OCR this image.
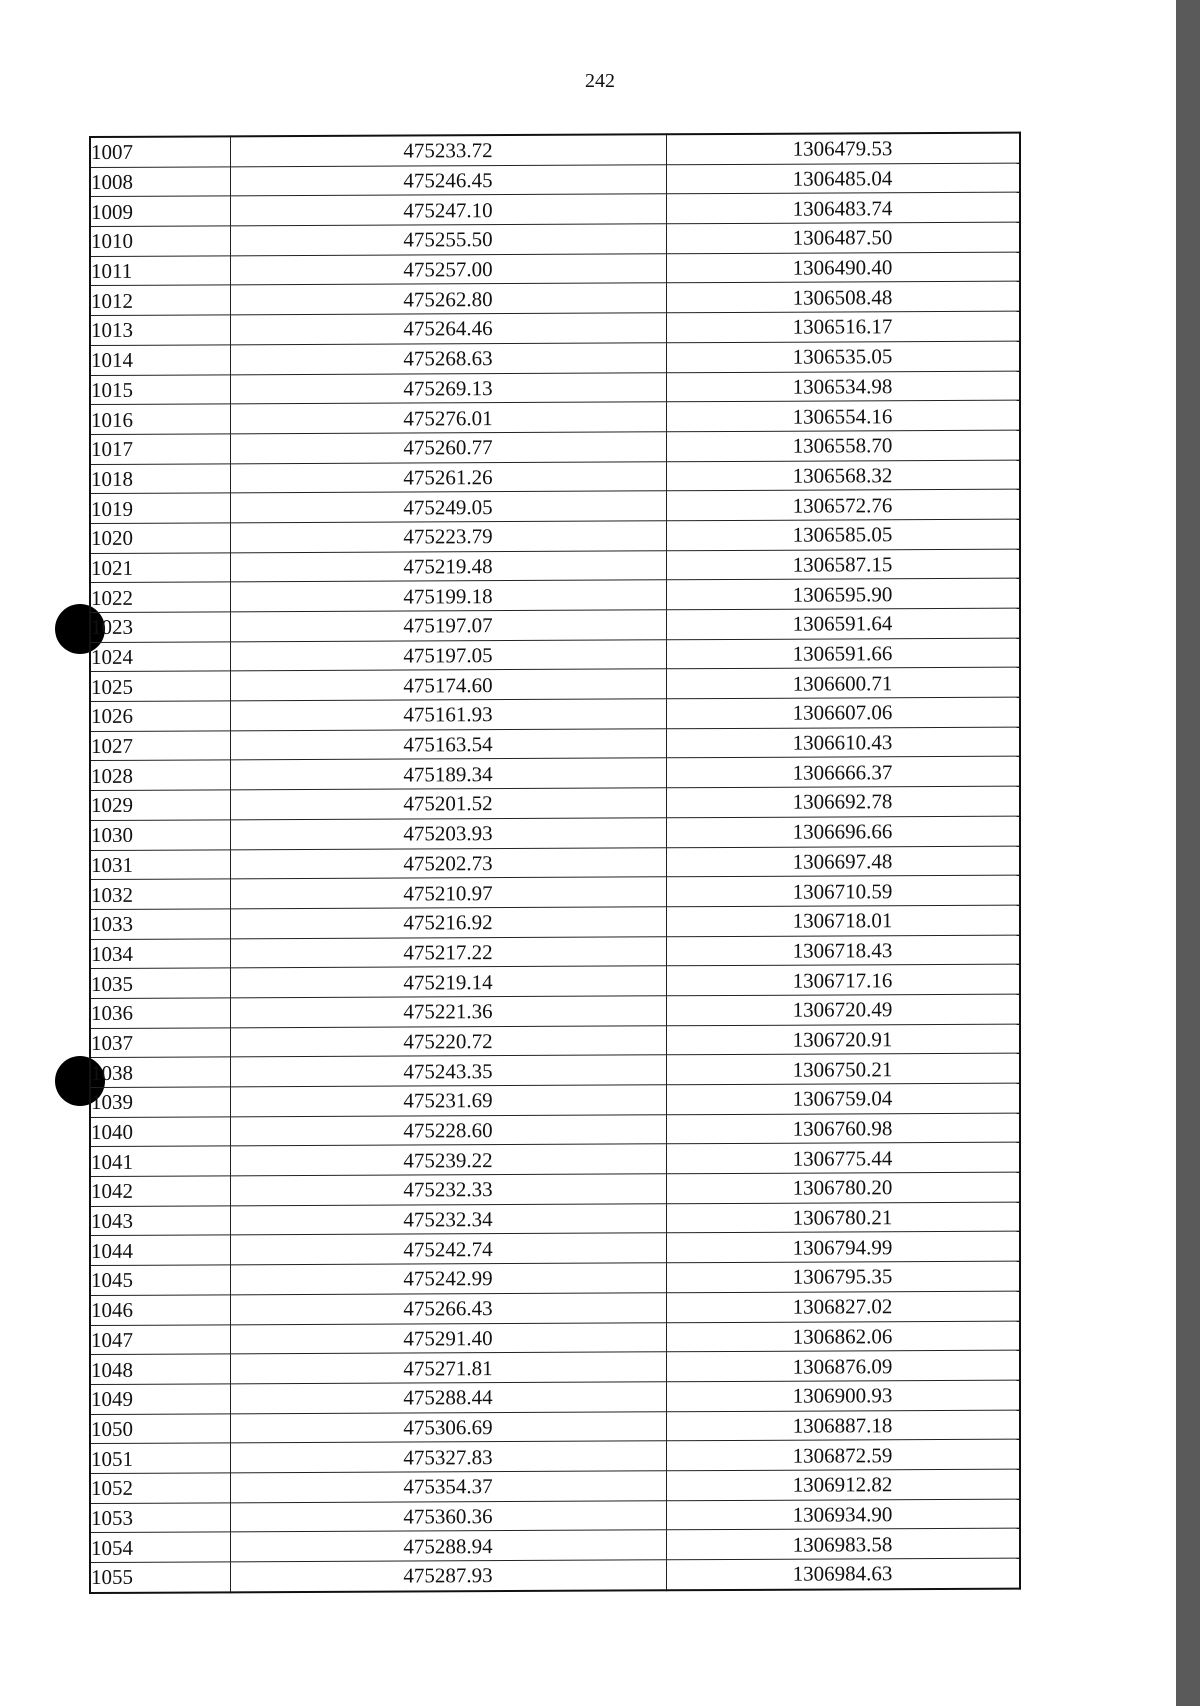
242
1007	475233.72	1306479.53
1008	475246.45	1306485.04
1009	475247.10	1306483.74
1010	475255.50	1306487.50
1011	475257.00	1306490.40
1012	475262.80	1306508.48
1013	475264.46	1306516.17
1014	475268.63	1306535.05
1015	475269.13	1306534.98
1016	475276.01	1306554.16
1017	475260.77	1306558.70
1018	475261.26	1306568.32
1019	475249.05	1306572.76
1020	475223.79	1306585.05
1021	475219.48	1306587.15
1022	475199.18	1306595.90
1023	475197.07	1306591.64
1024	475197.05	1306591.66
1025	475174.60	1306600.71
1026	475161.93	1306607.06
1027	475163.54	1306610.43
1028	475189.34	1306666.37
1029	475201.52	1306692.78
1030	475203.93	1306696.66
1031	475202.73	1306697.48
1032	475210.97	1306710.59
1033	475216.92	1306718.01
1034	475217.22	1306718.43
1035	475219.14	1306717.16
1036	475221.36	1306720.49
1037	475220.72	1306720.91
1038	475243.35	1306750.21
1039	475231.69	1306759.04
1040	475228.60	1306760.98
1041	475239.22	1306775.44
1042	475232.33	1306780.20
1043	475232.34	1306780.21
1044	475242.74	1306794.99
1045	475242.99	1306795.35
1046	475266.43	1306827.02
1047	475291.40	1306862.06
1048	475271.81	1306876.09
1049	475288.44	1306900.93
1050	475306.69	1306887.18
1051	475327.83	1306872.59
1052	475354.37	1306912.82
1053	475360.36	1306934.90
1054	475288.94	1306983.58
1055	475287.93	1306984.63
